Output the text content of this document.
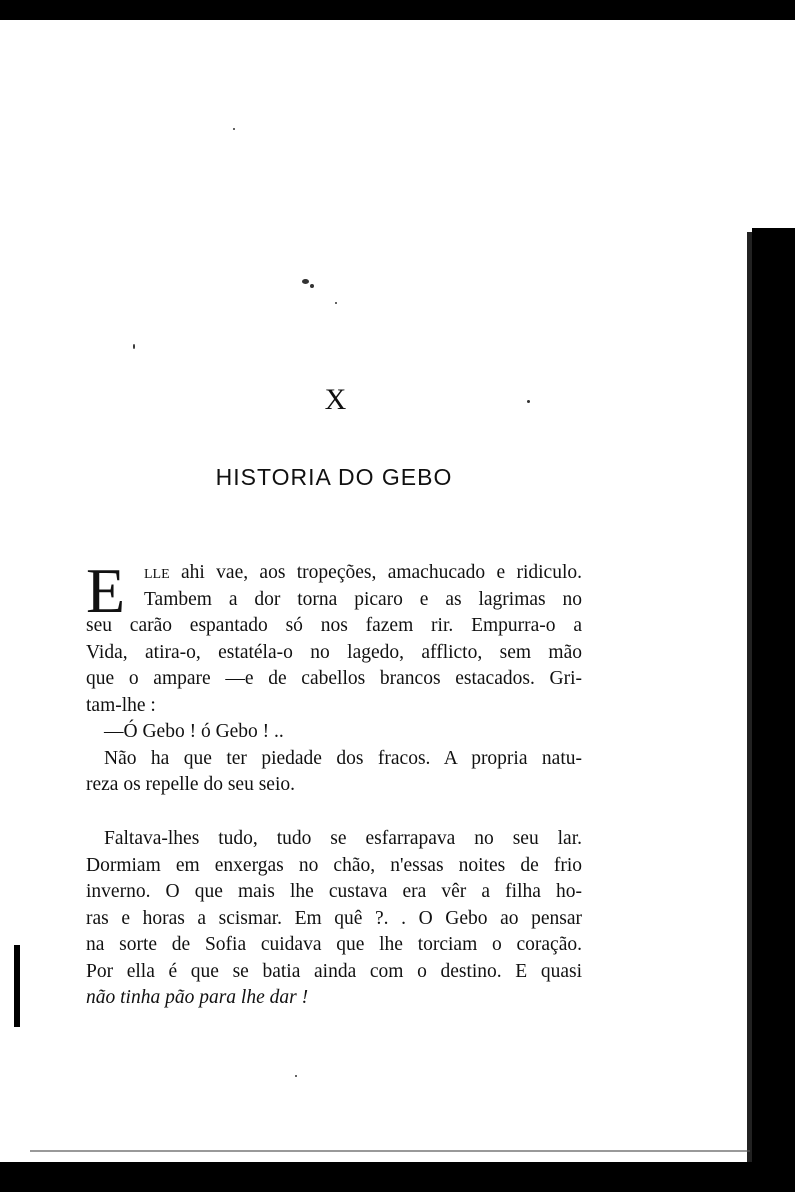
X
HISTORIA DO GEBO
E lle ahi vae, aos tropeções, amachucado e ridiculo.
Tambem a dor torna picaro e as lagrimas no
seu carão espantado só nos fazem rir. Empurra-o a
Vida, atira-o, estatéla-o no lagedo, afflicto, sem mão
que o ampare —e de cabellos brancos estacados. Gri-
tam-lhe :
—Ó Gebo ! ó Gebo ! ..
Não ha que ter piedade dos fracos. A propria natu-
reza os repelle do seu seio.
Faltava-lhes tudo, tudo se esfarrapava no seu lar.
Dormiam em enxergas no chão, n'essas noites de frio
inverno. O que mais lhe custava era vêr a filha ho-
ras e horas a scismar. Em quê ?. . O Gebo ao pensar
na sorte de Sofia cuidava que lhe torciam o coração.
Por ella é que se batia ainda com o destino. E quasi
não tinha pão para lhe dar !
